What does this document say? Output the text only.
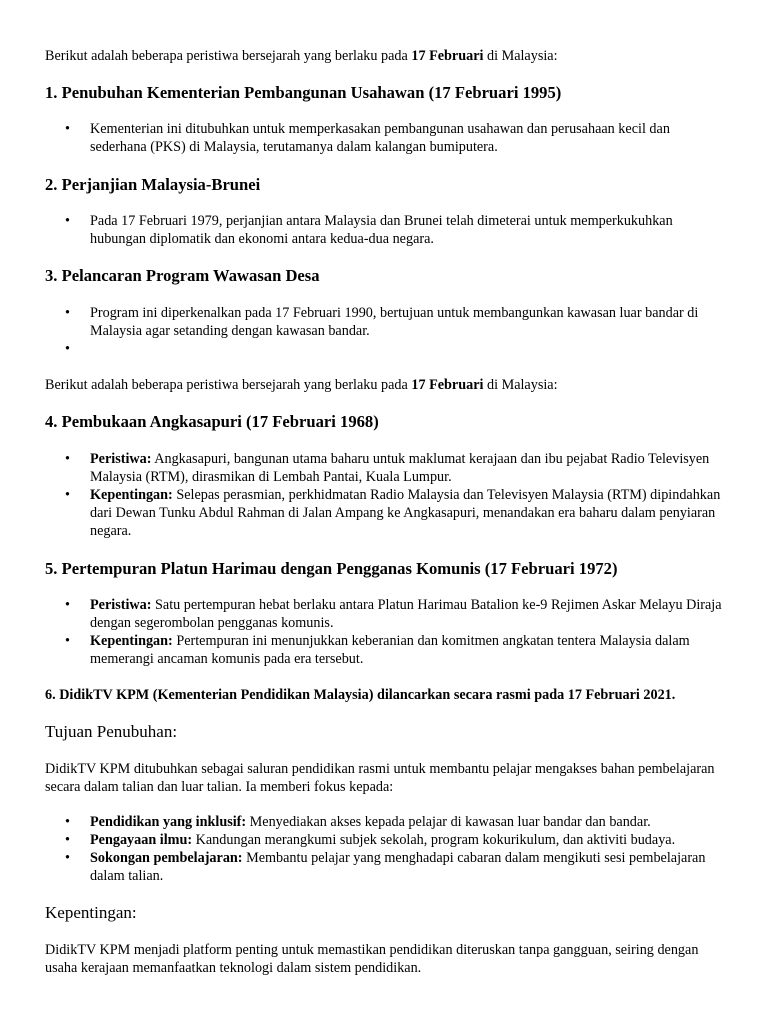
Berikut adalah beberapa peristiwa bersejarah yang berlaku pada 17 Februari di Malaysia:

1. Penubuhan Kementerian Pembangunan Usahawan (17 Februari 1995)
• Kementerian ini ditubuhkan untuk memperkasakan pembangunan usahawan dan perusahaan kecil dan sederhana (PKS) di Malaysia, terutamanya dalam kalangan bumiputera.
2. Perjanjian Malaysia-Brunei
• Pada 17 Februari 1979, perjanjian antara Malaysia dan Brunei telah dimeterai untuk memperkukuhkan hubungan diplomatik dan ekonomi antara kedua-dua negara.
3. Pelancaran Program Wawasan Desa
• Program ini diperkenalkan pada 17 Februari 1990, bertujuan untuk membangunkan kawasan luar bandar di Malaysia agar setanding dengan kawasan bandar.
•

Berikut adalah beberapa peristiwa bersejarah yang berlaku pada 17 Februari di Malaysia:

4. Pembukaan Angkasapuri (17 Februari 1968)
• Peristiwa: Angkasapuri, bangunan utama baharu untuk maklumat kerajaan dan ibu pejabat Radio Televisyen Malaysia (RTM), dirasmikan di Lembah Pantai, Kuala Lumpur.
• Kepentingan: Selepas perasmian, perkhidmatan Radio Malaysia dan Televisyen Malaysia (RTM) dipindahkan dari Dewan Tunku Abdul Rahman di Jalan Ampang ke Angkasapuri, menandakan era baharu dalam penyiaran negara.
5. Pertempuran Platun Harimau dengan Pengganas Komunis (17 Februari 1972)
• Peristiwa: Satu pertempuran hebat berlaku antara Platun Harimau Batalion ke-9 Rejimen Askar Melayu Diraja dengan segerombolan pengganas komunis.
• Kepentingan: Pertempuran ini menunjukkan keberanian dan komitmen angkatan tentera Malaysia dalam memerangi ancaman komunis pada era tersebut.
6. DidikTV KPM (Kementerian Pendidikan Malaysia) dilancarkan secara rasmi pada 17 Februari 2021.
Tujuan Penubuhan:

DidikTV KPM ditubuhkan sebagai saluran pendidikan rasmi untuk membantu pelajar mengakses bahan pembelajaran secara dalam talian dan luar talian. Ia memberi fokus kepada:

• Pendidikan yang inklusif: Menyediakan akses kepada pelajar di kawasan luar bandar dan bandar.
• Pengayaan ilmu: Kandungan merangkumi subjek sekolah, program kokurikulum, dan aktiviti budaya.
• Sokongan pembelajaran: Membantu pelajar yang menghadapi cabaran dalam mengikuti sesi pembelajaran dalam talian.
Kepentingan:

DidikTV KPM menjadi platform penting untuk memastikan pendidikan diteruskan tanpa gangguan, seiring dengan usaha kerajaan memanfaatkan teknologi dalam sistem pendidikan.
